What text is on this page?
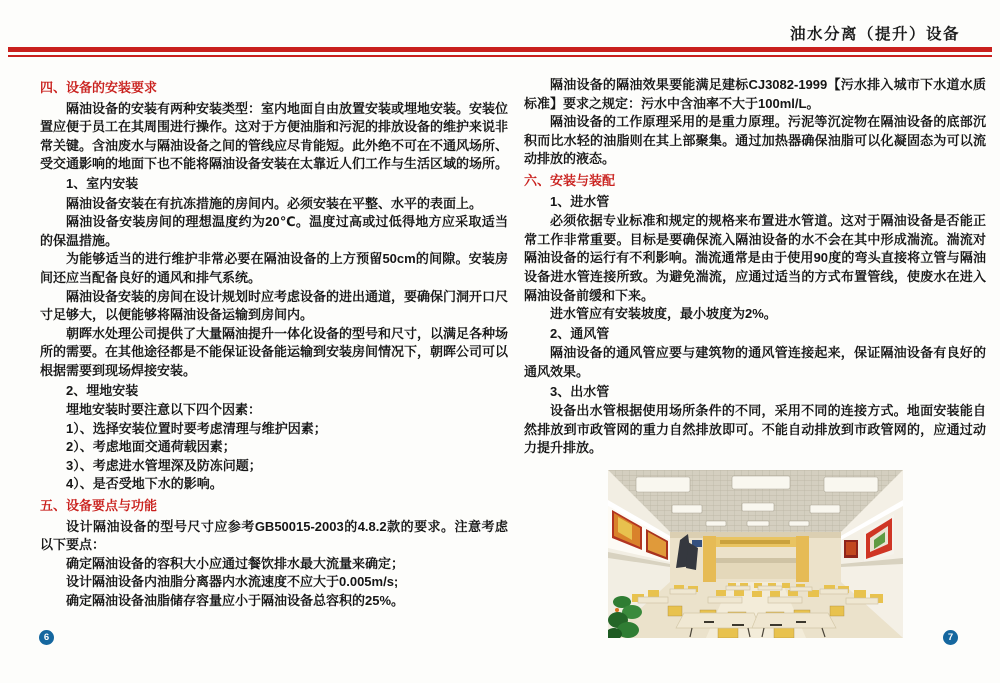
油水分离（提升）设备
四、设备的安装要求
隔油设备的安装有两种安装类型：室内地面自由放置安装或埋地安装。安装位置应便于员工在其周围进行操作。这对于方便油脂和污泥的排放设备的维护来说非常关键。含油废水与隔油设备之间的管线应尽肯能短。此外绝不可在不通风场所、受交通影响的地面下也不能将隔油设备安装在太靠近人们工作与生活区域的场所。
1、室内安装
隔油设备安装在有抗冻措施的房间内。必须安装在平整、水平的表面上。
隔油设备安装房间的理想温度约为20℃。温度过高或过低得地方应采取适当的保温措施。
为能够适当的进行维护非常必要在隔油设备的上方预留50cm的间隙。安装房间还应当配备良好的通风和排气系统。
隔油设备安装的房间在设计规划时应考虑设备的进出通道，要确保门洞开口尺寸足够大，以便能够将隔油设备运输到房间内。
朝晖水处理公司提供了大量隔油提升一体化设备的型号和尺寸，以满足各种场所的需要。在其他途径都是不能保证设备能运输到安装房间情况下，朝晖公司可以根据需要到现场焊接安装。
2、埋地安装
埋地安装时要注意以下四个因素：
1）、选择安装位置时要考虑清理与维护因素；
2）、考虑地面交通荷载因素；
3）、考虑进水管埋深及防冻问题；
4）、是否受地下水的影响。
五、设备要点与功能
设计隔油设备的型号尺寸应参考GB50015-2003的4.8.2款的要求。注意考虑以下要点：
确定隔油设备的容积大小应通过餐饮排水最大流量来确定；
设计隔油设备内油脂分离器内水流速度不应大于0.005m/s;
确定隔油设备油脂储存容量应小于隔油设备总容积的25%。
隔油设备的隔油效果要能满足建标CJ3082-1999【污水排入城市下水道水质标准】要求之规定：污水中含油率不大于100ml/L。
隔油设备的工作原理采用的是重力原理。污泥等沉淀物在隔油设备的底部沉积而比水轻的油脂则在其上部聚集。通过加热器确保油脂可以化凝固态为可以流动排放的液态。
六、安装与装配
1、进水管
必须依据专业标准和规定的规格来布置进水管道。这对于隔油设备是否能正常工作非常重要。目标是要确保流入隔油设备的水不会在其中形成湍流。湍流对隔油设备的运行有不利影响。湍流通常是由于使用90度的弯头直接将立管与隔油设备进水管连接所致。为避免湍流，应通过适当的方式布置管线，使废水在进入隔油设备前缓和下来。
进水管应有安装坡度，最小坡度为2%。
2、通风管
隔油设备的通风管应要与建筑物的通风管连接起来，保证隔油设备有良好的通风效果。
3、出水管
设备出水管根据使用场所条件的不同，采用不同的连接方式。地面安装能自然排放到市政管网的重力自然排放即可。不能自动排放到市政管网的，应通过动力提升排放。
6	7
